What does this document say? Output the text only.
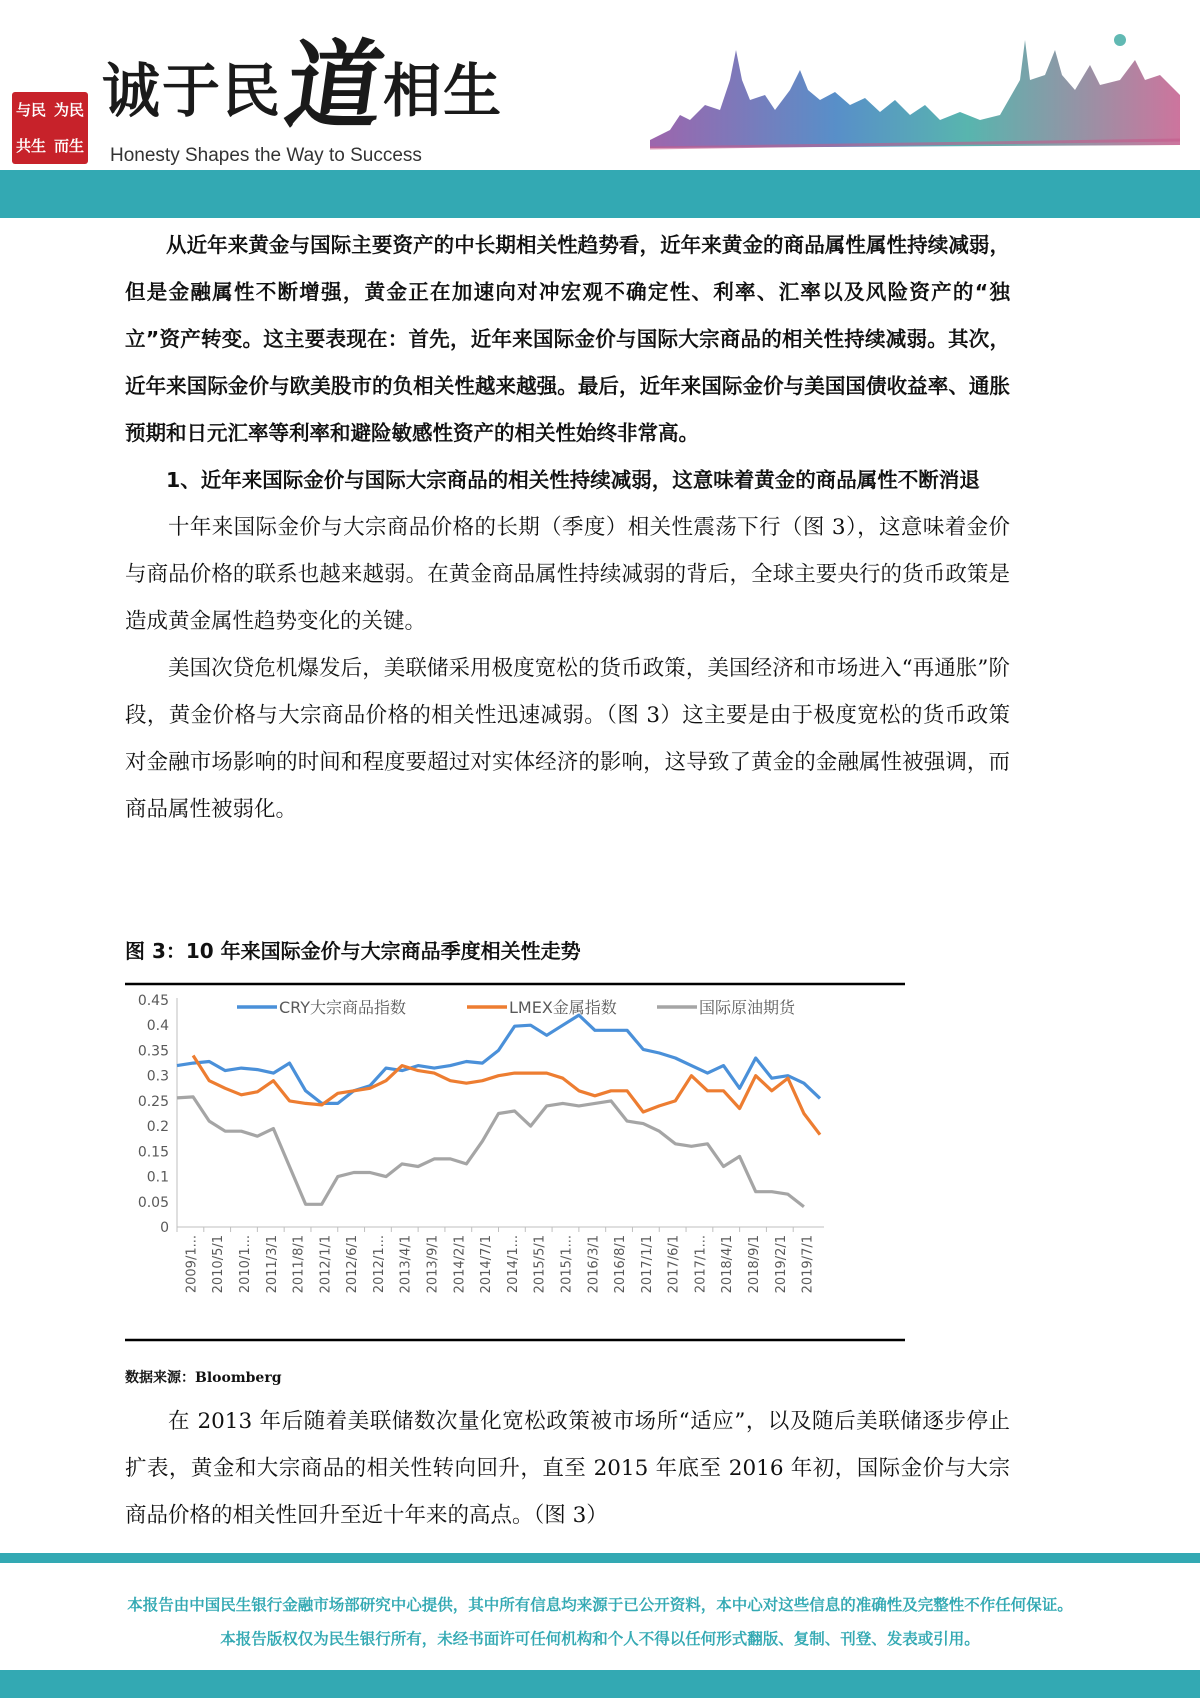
与民 为民
共生 而生
诚于民 道 相生
Honesty Shapes the Way to Success

从近年来黄金与国际主要资产的中长期相关性趋势看，近年来黄金的商品属性属性持续减弱，但是金融属性不断增强，黄金正在加速向对冲宏观不确定性、利率、汇率以及风险资产的“独立”资产转变。这主要表现在：首先，近年来国际金价与国际大宗商品的相关性持续减弱。其次，近年来国际金价与欧美股市的负相关性越来越强。最后，近年来国际金价与美国国债收益率、通胀预期和日元汇率等利率和避险敏感性资产的相关性始终非常高。

1、近年来国际金价与国际大宗商品的相关性持续减弱，这意味着黄金的商品属性不断消退

十年来国际金价与大宗商品价格的长期（季度）相关性震荡下行（图 3），这意味着金价与商品价格的联系也越来越弱。在黄金商品属性持续减弱的背后，全球主要央行的货币政策是造成黄金属性趋势变化的关键。

美国次贷危机爆发后，美联储采用极度宽松的货币政策，美国经济和市场进入“再通胀”阶段，黄金价格与大宗商品价格的相关性迅速减弱。（图 3）这主要是由于极度宽松的货币政策对金融市场影响的时间和程度要超过对实体经济的影响，这导致了黄金的金融属性被强调，而商品属性被弱化。

图 3：10 年来国际金价与大宗商品季度相关性走势
0
0.05
0.1
0.15
0.2
0.25
0.3
0.35
0.4
0.45
2009/1... 2010/5/1 2010/1... 2011/3/1 2011/8/1 2012/1/1 2012/6/1 2012/1... 2013/4/1 2013/9/1 2014/2/1 2014/7/1 2014/1... 2015/5/1 2015/1... 2016/3/1 2016/8/1 2017/1/1 2017/6/1 2017/1... 2018/4/1 2018/9/1 2019/2/1 2019/7/1
CRY大宗商品指数	LMEX金属指数	国际原油期货
数据来源：Bloomberg

在 2013 年后随着美联储数次量化宽松政策被市场所“适应”，以及随后美联储逐步停止扩表，黄金和大宗商品的相关性转向回升，直至 2015 年底至 2016 年初，国际金价与大宗商品价格的相关性回升至近十年来的高点。（图 3）

本报告由中国民生银行金融市场部研究中心提供，其中所有信息均来源于已公开资料，本中心对这些信息的准确性及完整性不作任何保证。
本报告版权仅为民生银行所有，未经书面许可任何机构和个人不得以任何形式翻版、复制、刊登、发表或引用。
